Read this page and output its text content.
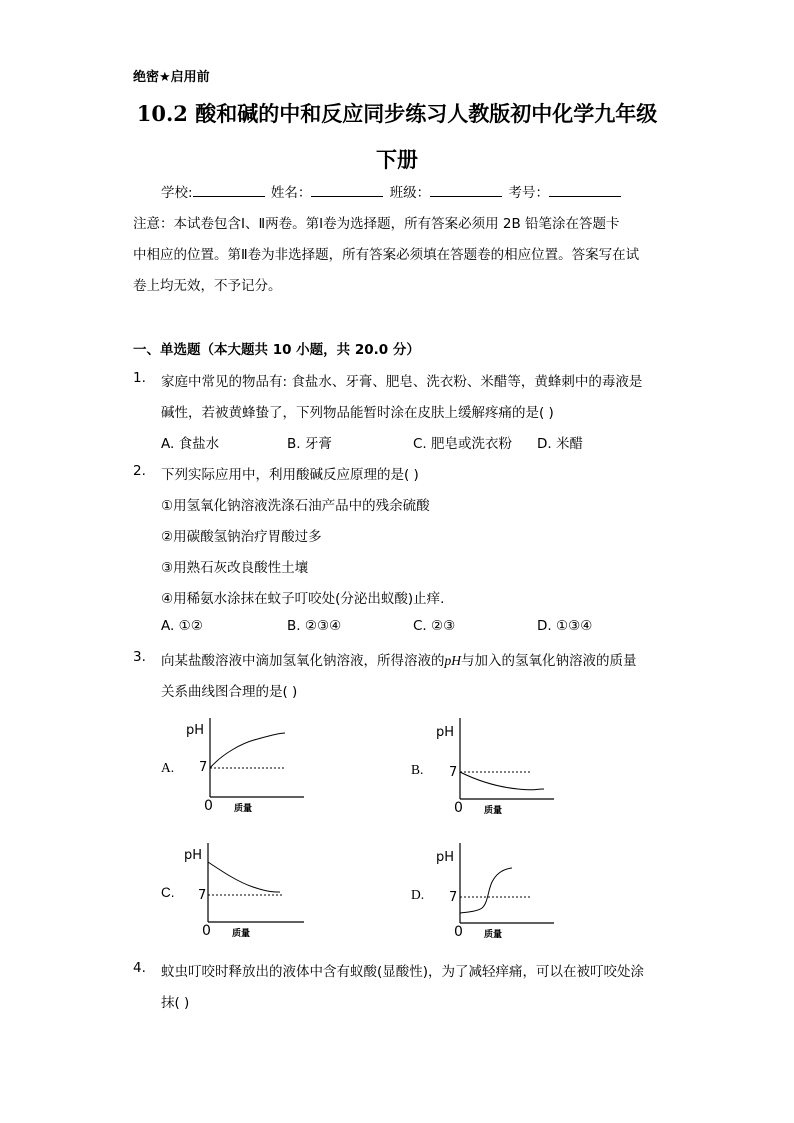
绝密★启用前
10.2 酸和碱的中和反应同步练习人教版初中化学九年级
下册
学校:	姓名：	班级：	考号：
注意：本试卷包含Ⅰ、Ⅱ两卷。第Ⅰ卷为选择题，所有答案必须用 2B 铅笔涂在答题卡
中相应的位置。第Ⅱ卷为非选择题，所有答案必须填在答题卷的相应位置。答案写在试
卷上均无效，不予记分。
一、单选题（本大题共 10 小题，共 20.0 分）
1. 家庭中常见的物品有: 食盐水、牙膏、肥皂、洗衣粉、米醋等，黄蜂刺中的毒液是
碱性，若被黄蜂蛰了，下列物品能暂时涂在皮肤上缓解疼痛的是( )
A. 食盐水	B. 牙膏	C. 肥皂或洗衣粉 D. 米醋
2. 下列实际应用中，利用酸碱反应原理的是( )
①用氢氧化钠溶液洗涤石油产品中的残余硫酸
②用碳酸氢钠治疗胃酸过多
③用熟石灰改良酸性土壤
④用稀氨水涂抹在蚊子叮咬处(分泌出蚁酸)止痒.
A. ①②	B. ②③④	C. ②③	D. ①③④
3. 向某盐酸溶液中滴加氢氧化钠溶液，所得溶液的pH与加入的氢氧化钠溶液的质量
关系曲线图合理的是( )
A.
pH
7
0 质量
B.
pH
7
0 质量
C.
pH
7
0 质量
D.
pH
7
0 质量
4. 蚊虫叮咬时释放出的液体中含有蚁酸(显酸性)，为了减轻痒痛，可以在被叮咬处涂
抹( )
